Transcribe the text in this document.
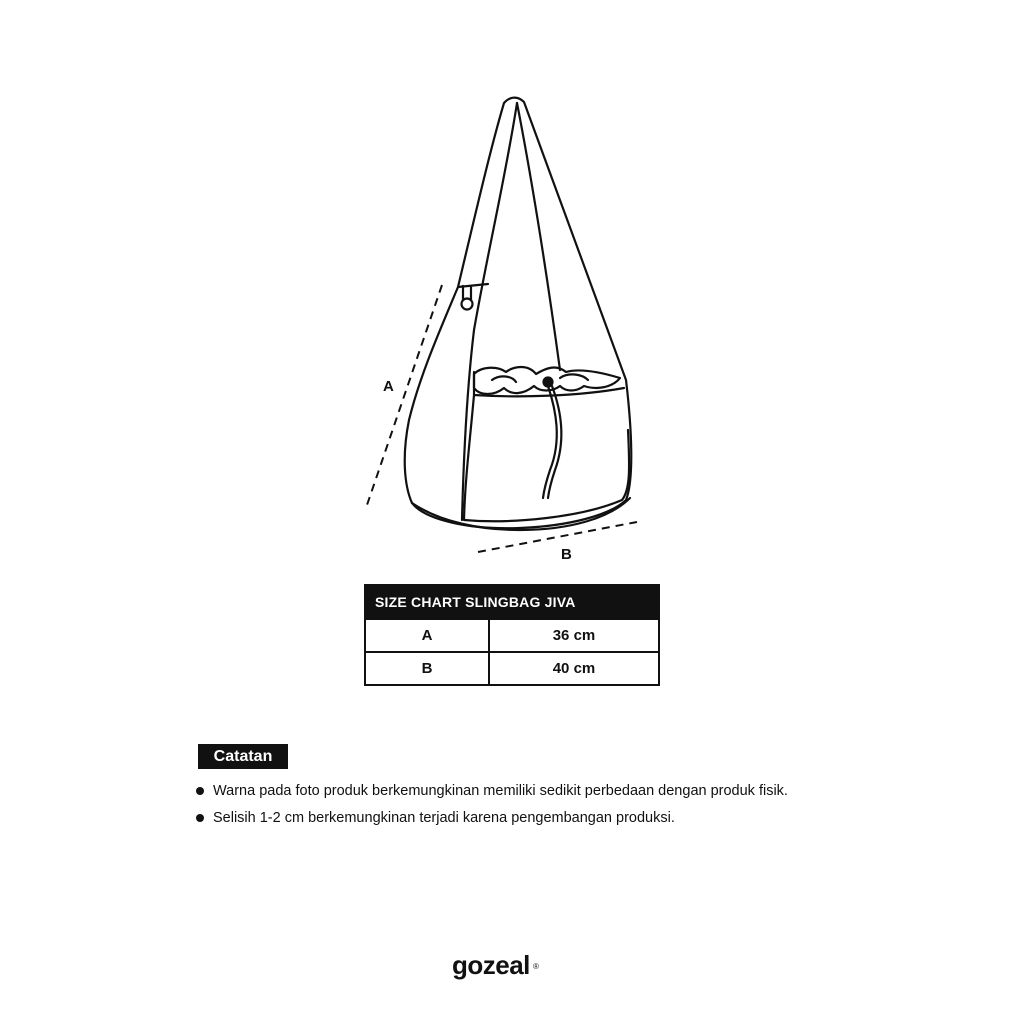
A
B
SIZE CHART SLINGBAG JIVA	
A	36 cm
B	40 cm
Catatan
Warna pada foto produk berkemungkinan memiliki sedikit perbedaan dengan produk fisik.
Selisih 1-2 cm berkemungkinan terjadi karena pengembangan produksi.
gozeal ®
